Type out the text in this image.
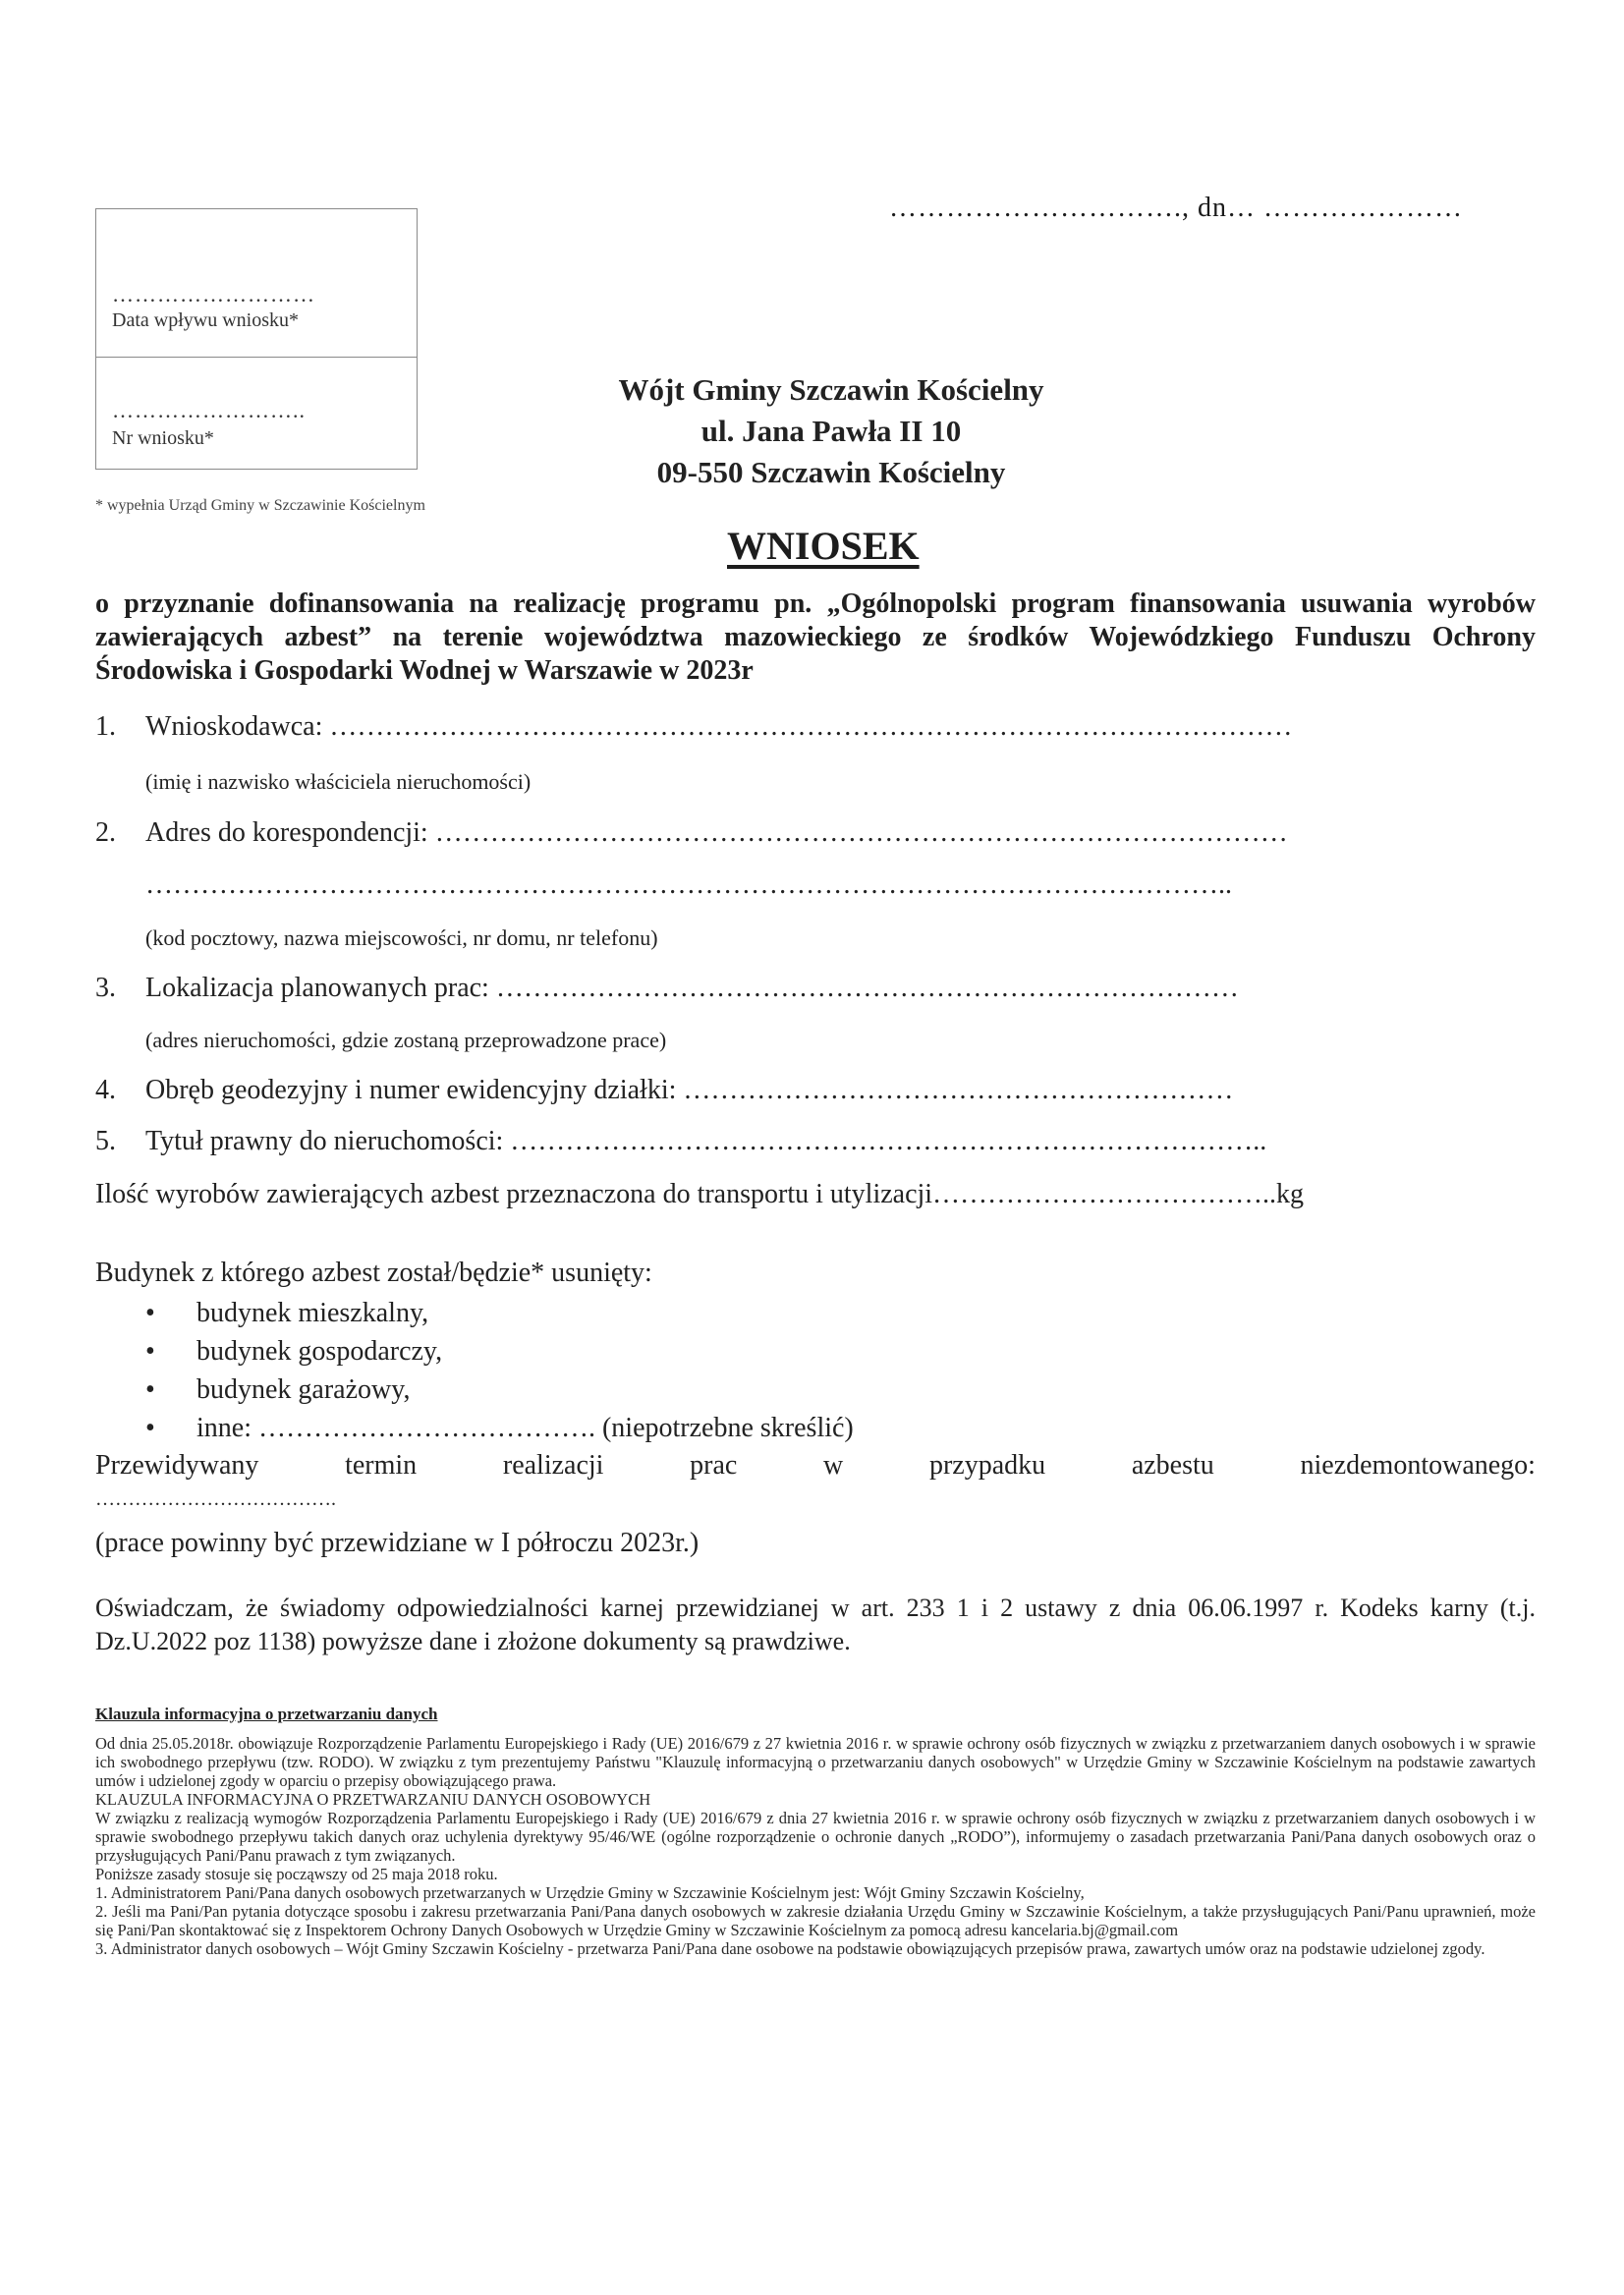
…………………………., dn… …………………
………………………
Data wpływu wniosku*
……………………..
Nr wniosku*
* wypełnia Urząd Gminy w Szczawinie Kościelnym
Wójt Gminy Szczawin Kościelny
ul. Jana Pawła II 10
09-550 Szczawin Kościelny
WNIOSEK
o przyznanie dofinansowania na realizację programu pn. „Ogólnopolski program finansowania usuwania wyrobów zawierających azbest” na terenie województwa mazowieckiego ze środków Wojewódzkiego Funduszu Ochrony Środowiska i Gospodarki Wodnej w Warszawie w 2023r
1. Wnioskodawca: ……………………………………………………………………………………………
(imię i nazwisko właściciela nieruchomości)
2. Adres do korespondencji: …………………………………………………………………………………
………………………………………………………………………………………………………..
(kod pocztowy, nazwa miejscowości, nr domu, nr telefonu)
3. Lokalizacja planowanych prac: ………………………………………………………………………
(adres nieruchomości, gdzie zostaną przeprowadzone prace)
4. Obręb geodezyjny i numer ewidencyjny działki: ……………………………………………………
5. Tytuł prawny do nieruchomości: ………………………………………………………………………..
Ilość wyrobów zawierających azbest przeznaczona do transportu i utylizacji………………………………..kg
Budynek z którego azbest został/będzie* usunięty:
• budynek mieszkalny,
• budynek gospodarczy,
• budynek garażowy,
• inne: ………………………………. (niepotrzebne skreślić)
Przewidywany	termin	realizacji	prac	w	przypadku	azbestu	niezdemontowanego:
……………………………….
(prace powinny być przewidziane w I półroczu 2023r.)
Oświadczam, że świadomy odpowiedzialności karnej przewidzianej w art. 233 1 i 2 ustawy z dnia 06.06.1997 r. Kodeks karny (t.j. Dz.U.2022 poz 1138) powyższe dane i złożone dokumenty są prawdziwe.
Klauzula informacyjna o przetwarzaniu danych

Od dnia 25.05.2018r. obowiązuje Rozporządzenie Parlamentu Europejskiego i Rady (UE) 2016/679 z 27 kwietnia 2016 r. w sprawie ochrony osób fizycznych w związku z przetwarzaniem danych osobowych i w sprawie ich swobodnego przepływu (tzw. RODO). W związku z tym prezentujemy Państwu "Klauzulę informacyjną o przetwarzaniu danych osobowych" w Urzędzie Gminy w Szczawinie Kościelnym na podstawie zawartych umów i udzielonej zgody w oparciu o przepisy obowiązującego prawa.

KLAUZULA INFORMACYJNA O PRZETWARZANIU DANYCH OSOBOWYCH

W związku z realizacją wymogów Rozporządzenia Parlamentu Europejskiego i Rady (UE) 2016/679 z dnia 27 kwietnia 2016 r. w sprawie ochrony osób fizycznych w związku z przetwarzaniem danych osobowych i w sprawie swobodnego przepływu takich danych oraz uchylenia dyrektywy 95/46/WE (ogólne rozporządzenie o ochronie danych „RODO”), informujemy o zasadach przetwarzania Pani/Pana danych osobowych oraz o przysługujących Pani/Panu prawach z tym związanych.

Poniższe zasady stosuje się począwszy od 25 maja 2018 roku.

1. Administratorem Pani/Pana danych osobowych przetwarzanych w Urzędzie Gminy w Szczawinie Kościelnym jest: Wójt Gminy Szczawin Kościelny,

2. Jeśli ma Pani/Pan pytania dotyczące sposobu i zakresu przetwarzania Pani/Pana danych osobowych w zakresie działania Urzędu Gminy w Szczawinie Kościelnym, a także przysługujących Pani/Panu uprawnień, może się Pani/Pan skontaktować się z Inspektorem Ochrony Danych Osobowych w Urzędzie Gminy w Szczawinie Kościelnym za pomocą adresu kancelaria.bj@gmail.com

3. Administrator danych osobowych – Wójt Gminy Szczawin Kościelny - przetwarza Pani/Pana dane osobowe na podstawie obowiązujących przepisów prawa, zawartych umów oraz na podstawie udzielonej zgody.
